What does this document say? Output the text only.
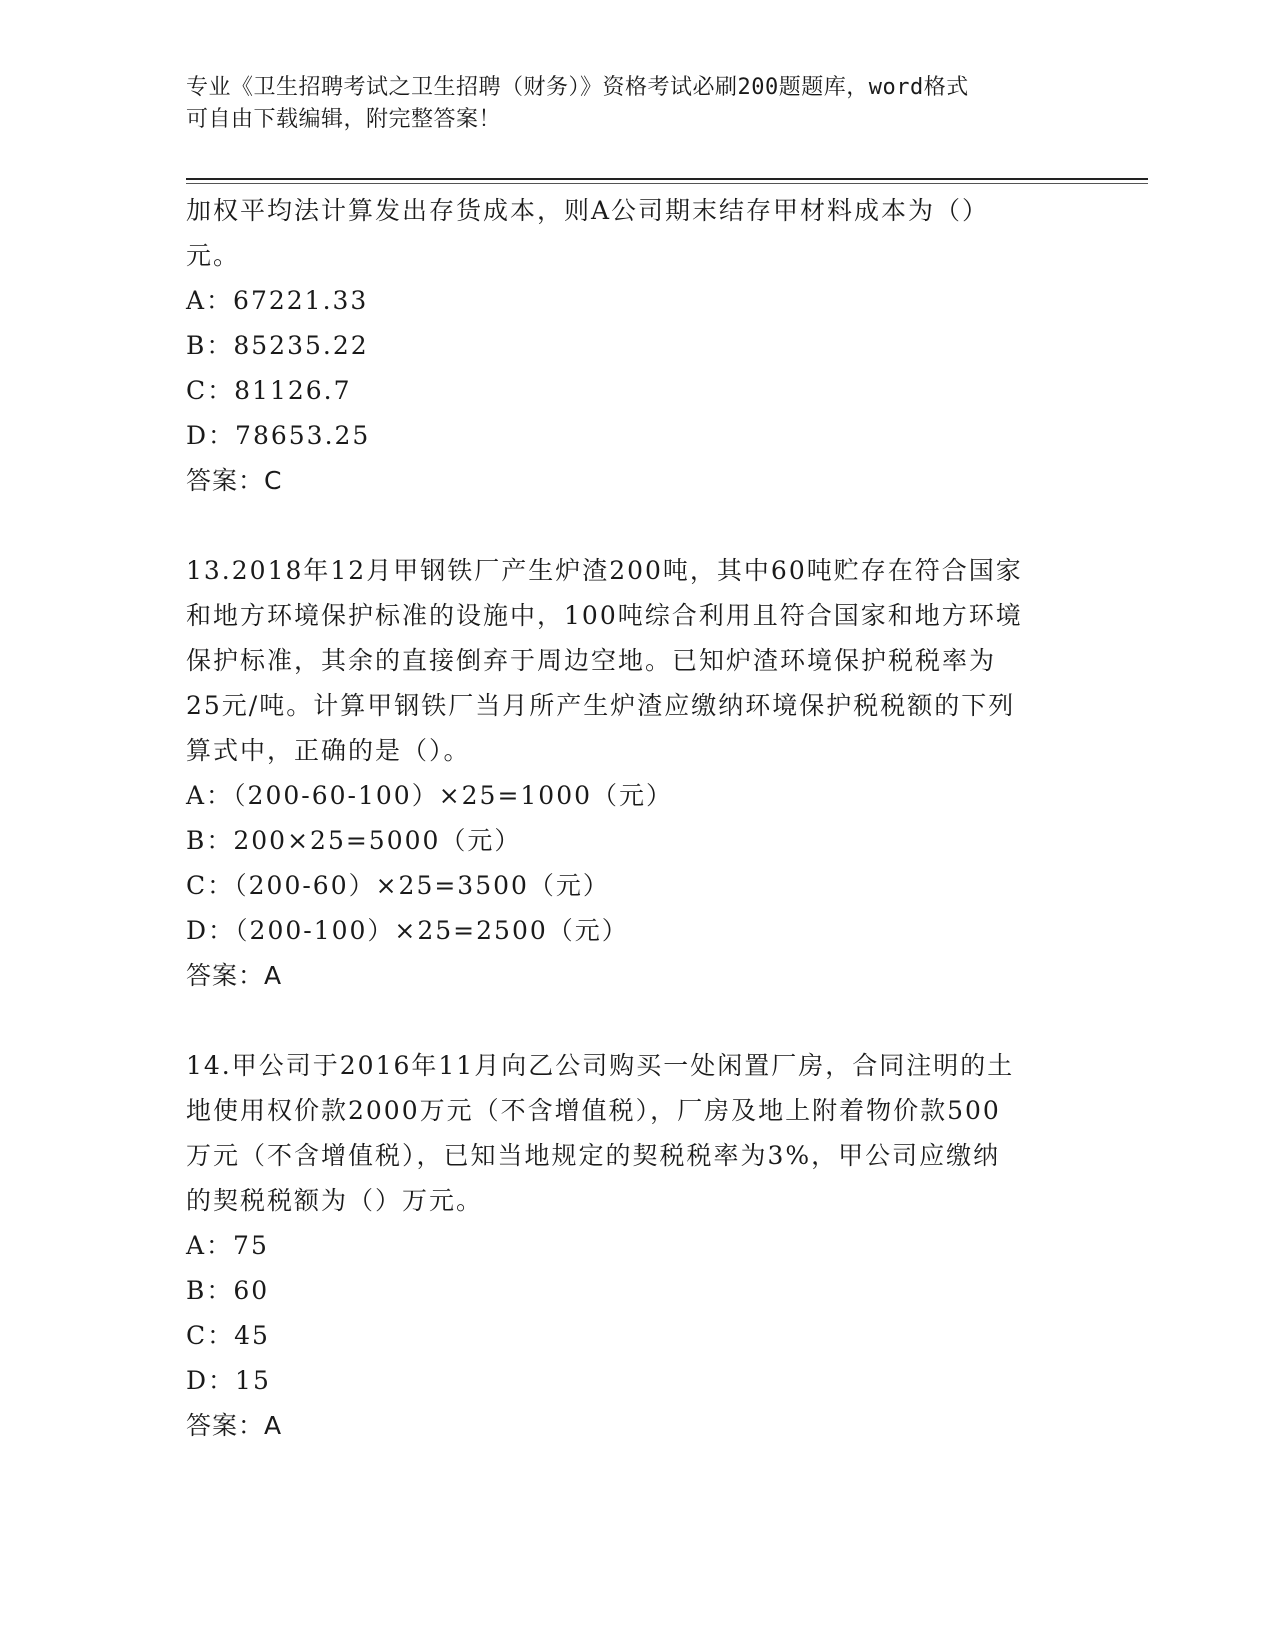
专业《卫生招聘考试之卫生招聘（财务）》资格考试必刷200题题库，word格式
可自由下载编辑，附完整答案！

加权平均法计算发出存货成本，则A公司期末结存甲材料成本为（）

元。

A：67221.33

B：85235.22

C：81126.7

D：78653.25

答案：C

13.2018年12月甲钢铁厂产生炉渣200吨，其中60吨贮存在符合国家

和地方环境保护标准的设施中，100吨综合利用且符合国家和地方环境

保护标准，其余的直接倒弃于周边空地。已知炉渣环境保护税税率为

25元/吨。计算甲钢铁厂当月所产生炉渣应缴纳环境保护税税额的下列

算式中，正确的是（）。

A：（200-60-100）×25=1000（元）

B：200×25=5000（元）

C：（200-60）×25=3500（元）

D：（200-100）×25=2500（元）

答案：A

14.甲公司于2016年11月向乙公司购买一处闲置厂房，合同注明的土

地使用权价款2000万元（不含增值税），厂房及地上附着物价款500

万元（不含增值税），已知当地规定的契税税率为3%，甲公司应缴纳

的契税税额为（）万元。

A：75

B：60

C：45

D：15

答案：A
